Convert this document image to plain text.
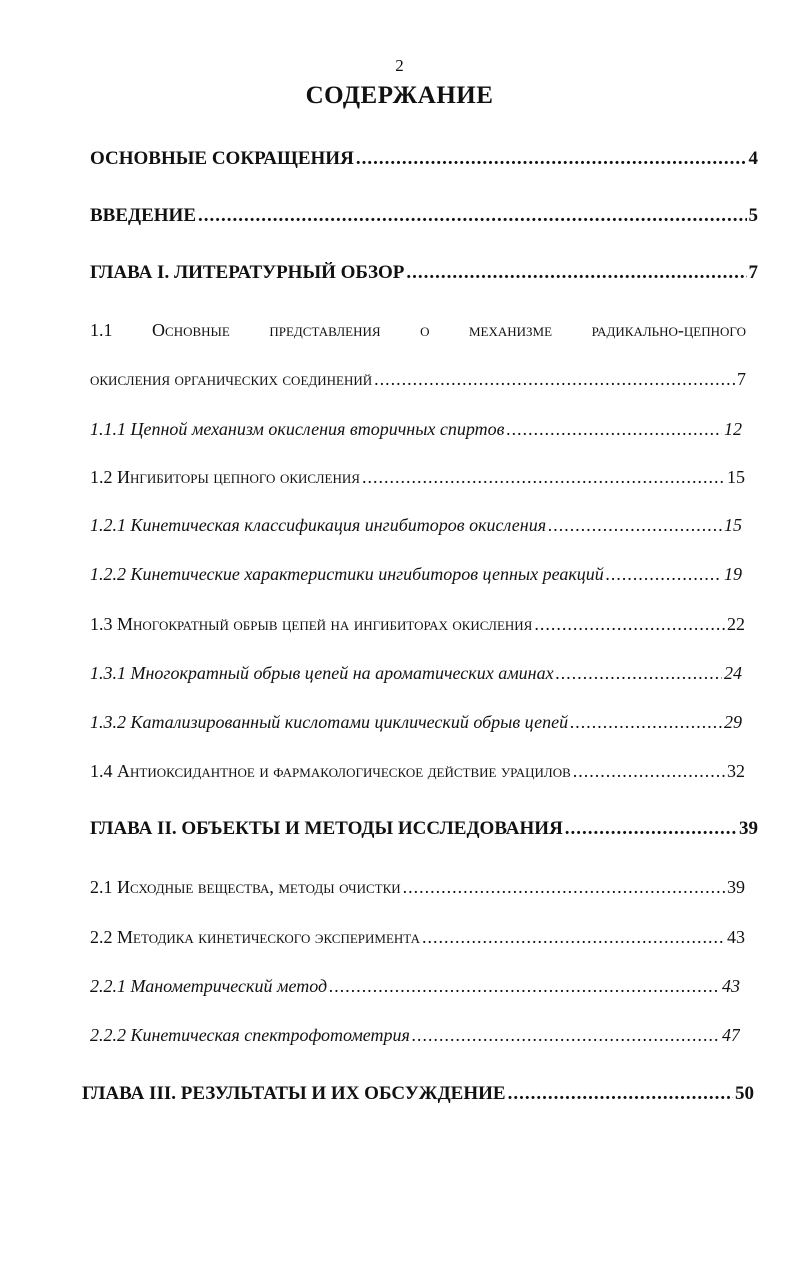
2
СОДЕРЖАНИЕ
ОСНОВНЫЕ СОКРАЩЕНИЯ .....	4
ВВЕДЕНИЕ .....	5
ГЛАВА I. ЛИТЕРАТУРНЫЙ ОБЗОР .....	7
1.1 Основные представления о механизме радикально-цепного
окисления органических соединений .....	7
1.1.1 Цепной механизм окисления вторичных спиртов .....	12
1.2 Ингибиторы цепного окисления .....	15
1.2.1 Кинетическая классификация ингибиторов окисления .....	15
1.2.2 Кинетические характеристики ингибиторов цепных реакций .....	19
1.3 Многократный обрыв цепей на ингибиторах окисления .....	22
1.3.1 Многократный обрыв цепей на ароматических аминах .....	24
1.3.2 Катализированный кислотами циклический обрыв цепей .....	29
1.4 Антиоксидантное и фармакологическое действие урацилов .....	32
ГЛАВА II. ОБЪЕКТЫ И МЕТОДЫ ИССЛЕДОВАНИЯ .....	39
2.1 Исходные вещества, методы очистки .....	39
2.2 Методика кинетического эксперимента .....	43
2.2.1 Манометрический метод .....	43
2.2.2 Кинетическая спектрофотометрия .....	47
ГЛАВА III. РЕЗУЛЬТАТЫ И ИХ ОБСУЖДЕНИЕ .....	50
